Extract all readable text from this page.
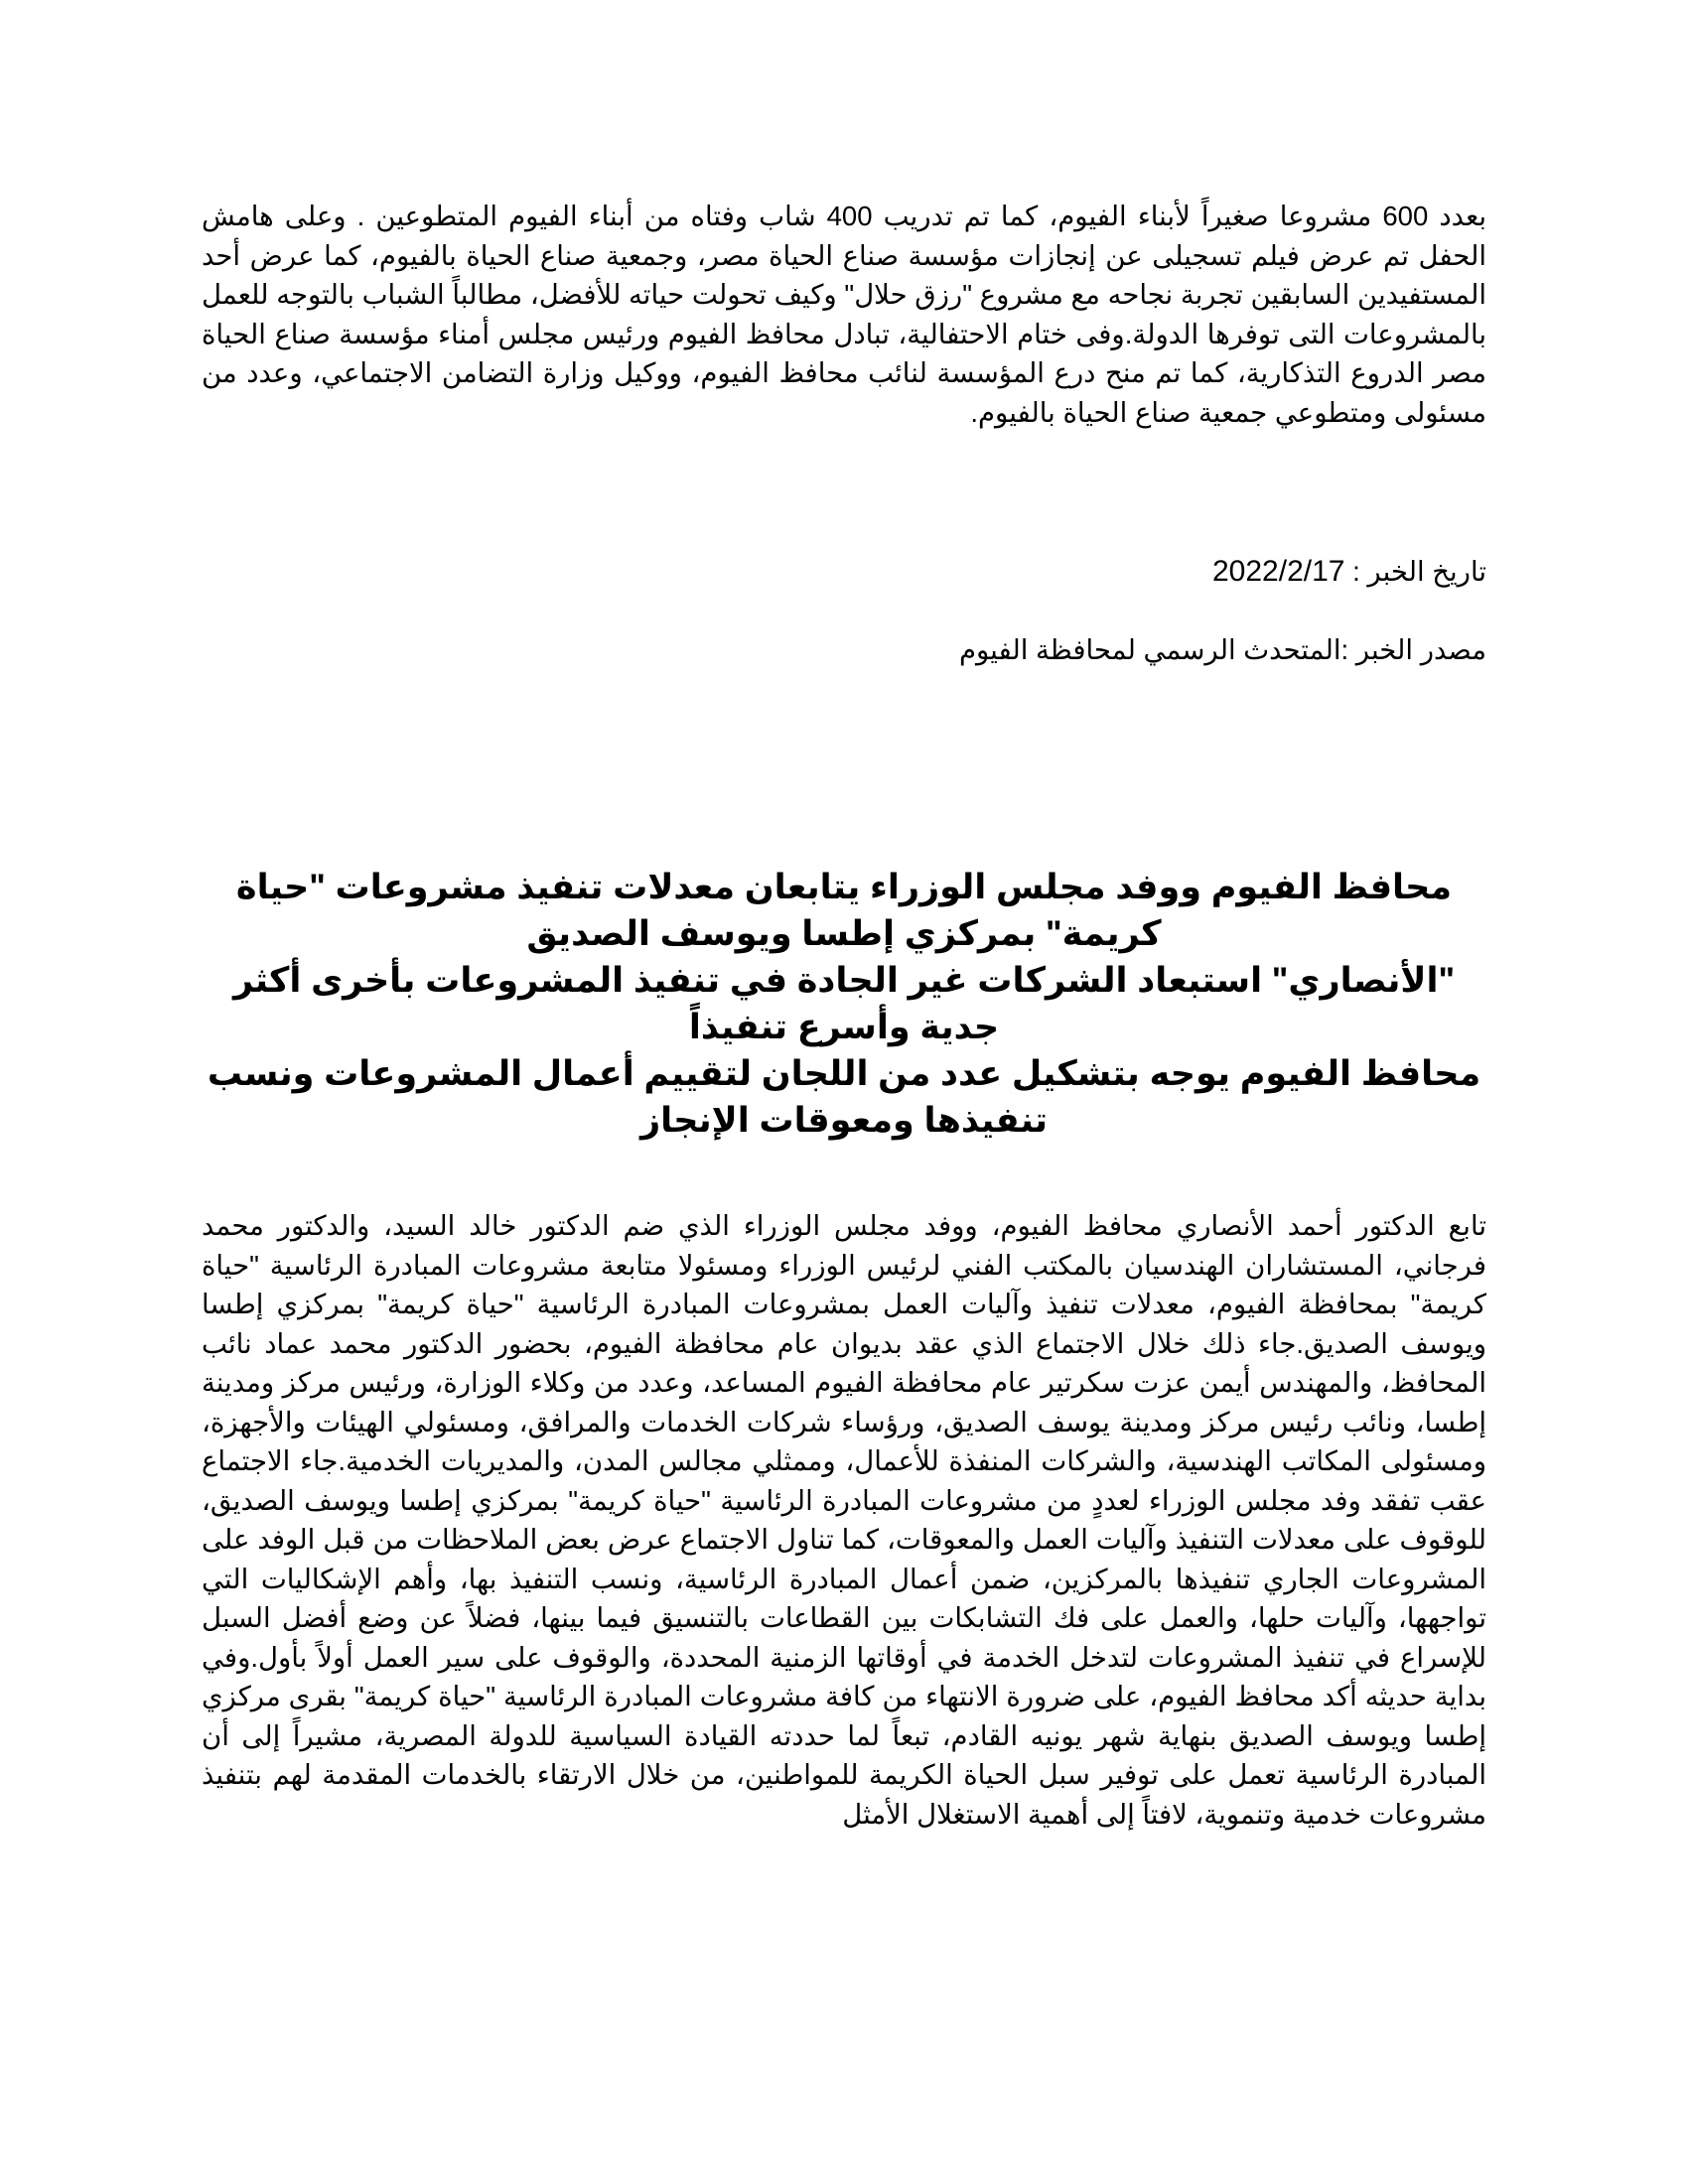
بعدد 600 مشروعا صغيراً لأبناء الفيوم، كما تم تدريب 400 شاب وفتاه من أبناء الفيوم المتطوعين . وعلى هامش الحفل تم عرض فيلم تسجيلى عن إنجازات مؤسسة صناع الحياة مصر، وجمعية صناع الحياة بالفيوم، كما عرض أحد المستفيدين السابقين تجربة نجاحه مع مشروع "رزق حلال" وكيف تحولت حياته للأفضل، مطالباً الشباب بالتوجه للعمل بالمشروعات التى توفرها الدولة.وفى ختام الاحتفالية، تبادل محافظ الفيوم ورئيس مجلس أمناء مؤسسة صناع الحياة مصر الدروع التذكارية، كما تم منح درع المؤسسة لنائب محافظ الفيوم، ووكيل وزارة التضامن الاجتماعي، وعدد من مسئولى ومتطوعي جمعية صناع الحياة بالفيوم.

تاريخ الخبر : 2022/2/17

مصدر الخبر :المتحدث الرسمي لمحافظة الفيوم

محافظ الفيوم ووفد مجلس الوزراء يتابعان معدلات تنفيذ مشروعات "حياة كريمة" بمركزي إطسا ويوسف الصديق

"الأنصاري" استبعاد الشركات غير الجادة في تنفيذ المشروعات بأخرى أكثر جدية وأسرع تنفيذاً

محافظ الفيوم يوجه بتشكيل عدد من اللجان لتقييم أعمال المشروعات ونسب تنفيذها ومعوقات الإنجاز

تابع الدكتور أحمد الأنصاري محافظ الفيوم، ووفد مجلس الوزراء الذي ضم الدكتور خالد السيد، والدكتور محمد فرجاني، المستشاران الهندسيان بالمكتب الفني لرئيس الوزراء ومسئولا متابعة مشروعات المبادرة الرئاسية "حياة كريمة" بمحافظة الفيوم، معدلات تنفيذ وآليات العمل بمشروعات المبادرة الرئاسية "حياة كريمة" بمركزي إطسا ويوسف الصديق.جاء ذلك خلال الاجتماع الذي عقد بديوان عام محافظة الفيوم، بحضور الدكتور محمد عماد نائب المحافظ، والمهندس أيمن عزت سكرتير عام محافظة الفيوم المساعد، وعدد من وكلاء الوزارة، ورئيس مركز ومدينة إطسا، ونائب رئيس مركز ومدينة يوسف الصديق، ورؤساء شركات الخدمات والمرافق، ومسئولي الهيئات والأجهزة، ومسئولى المكاتب الهندسية، والشركات المنفذة للأعمال، وممثلي مجالس المدن، والمديريات الخدمية.جاء الاجتماع عقب تفقد وفد مجلس الوزراء لعددٍ من مشروعات المبادرة الرئاسية "حياة كريمة" بمركزي إطسا ويوسف الصديق، للوقوف على معدلات التنفيذ وآليات العمل والمعوقات، كما تناول الاجتماع عرض بعض الملاحظات من قبل الوفد على المشروعات الجاري تنفيذها بالمركزين، ضمن أعمال المبادرة الرئاسية، ونسب التنفيذ بها، وأهم الإشكاليات التي تواجهها، وآليات حلها، والعمل على فك التشابكات بين القطاعات بالتنسيق فيما بينها، فضلاً عن وضع أفضل السبل للإسراع في تنفيذ المشروعات لتدخل الخدمة في أوقاتها الزمنية المحددة، والوقوف على سير العمل أولاً بأول.وفي بداية حديثه أكد محافظ الفيوم، على ضرورة الانتهاء من كافة مشروعات المبادرة الرئاسية "حياة كريمة" بقرى مركزي إطسا ويوسف الصديق بنهاية شهر يونيه القادم، تبعاً لما حددته القيادة السياسية للدولة المصرية، مشيراً إلى أن المبادرة الرئاسية تعمل على توفير سبل الحياة الكريمة للمواطنين، من خلال الارتقاء بالخدمات المقدمة لهم بتنفيذ مشروعات خدمية وتنموية، لافتاً إلى أهمية الاستغلال الأمثل
